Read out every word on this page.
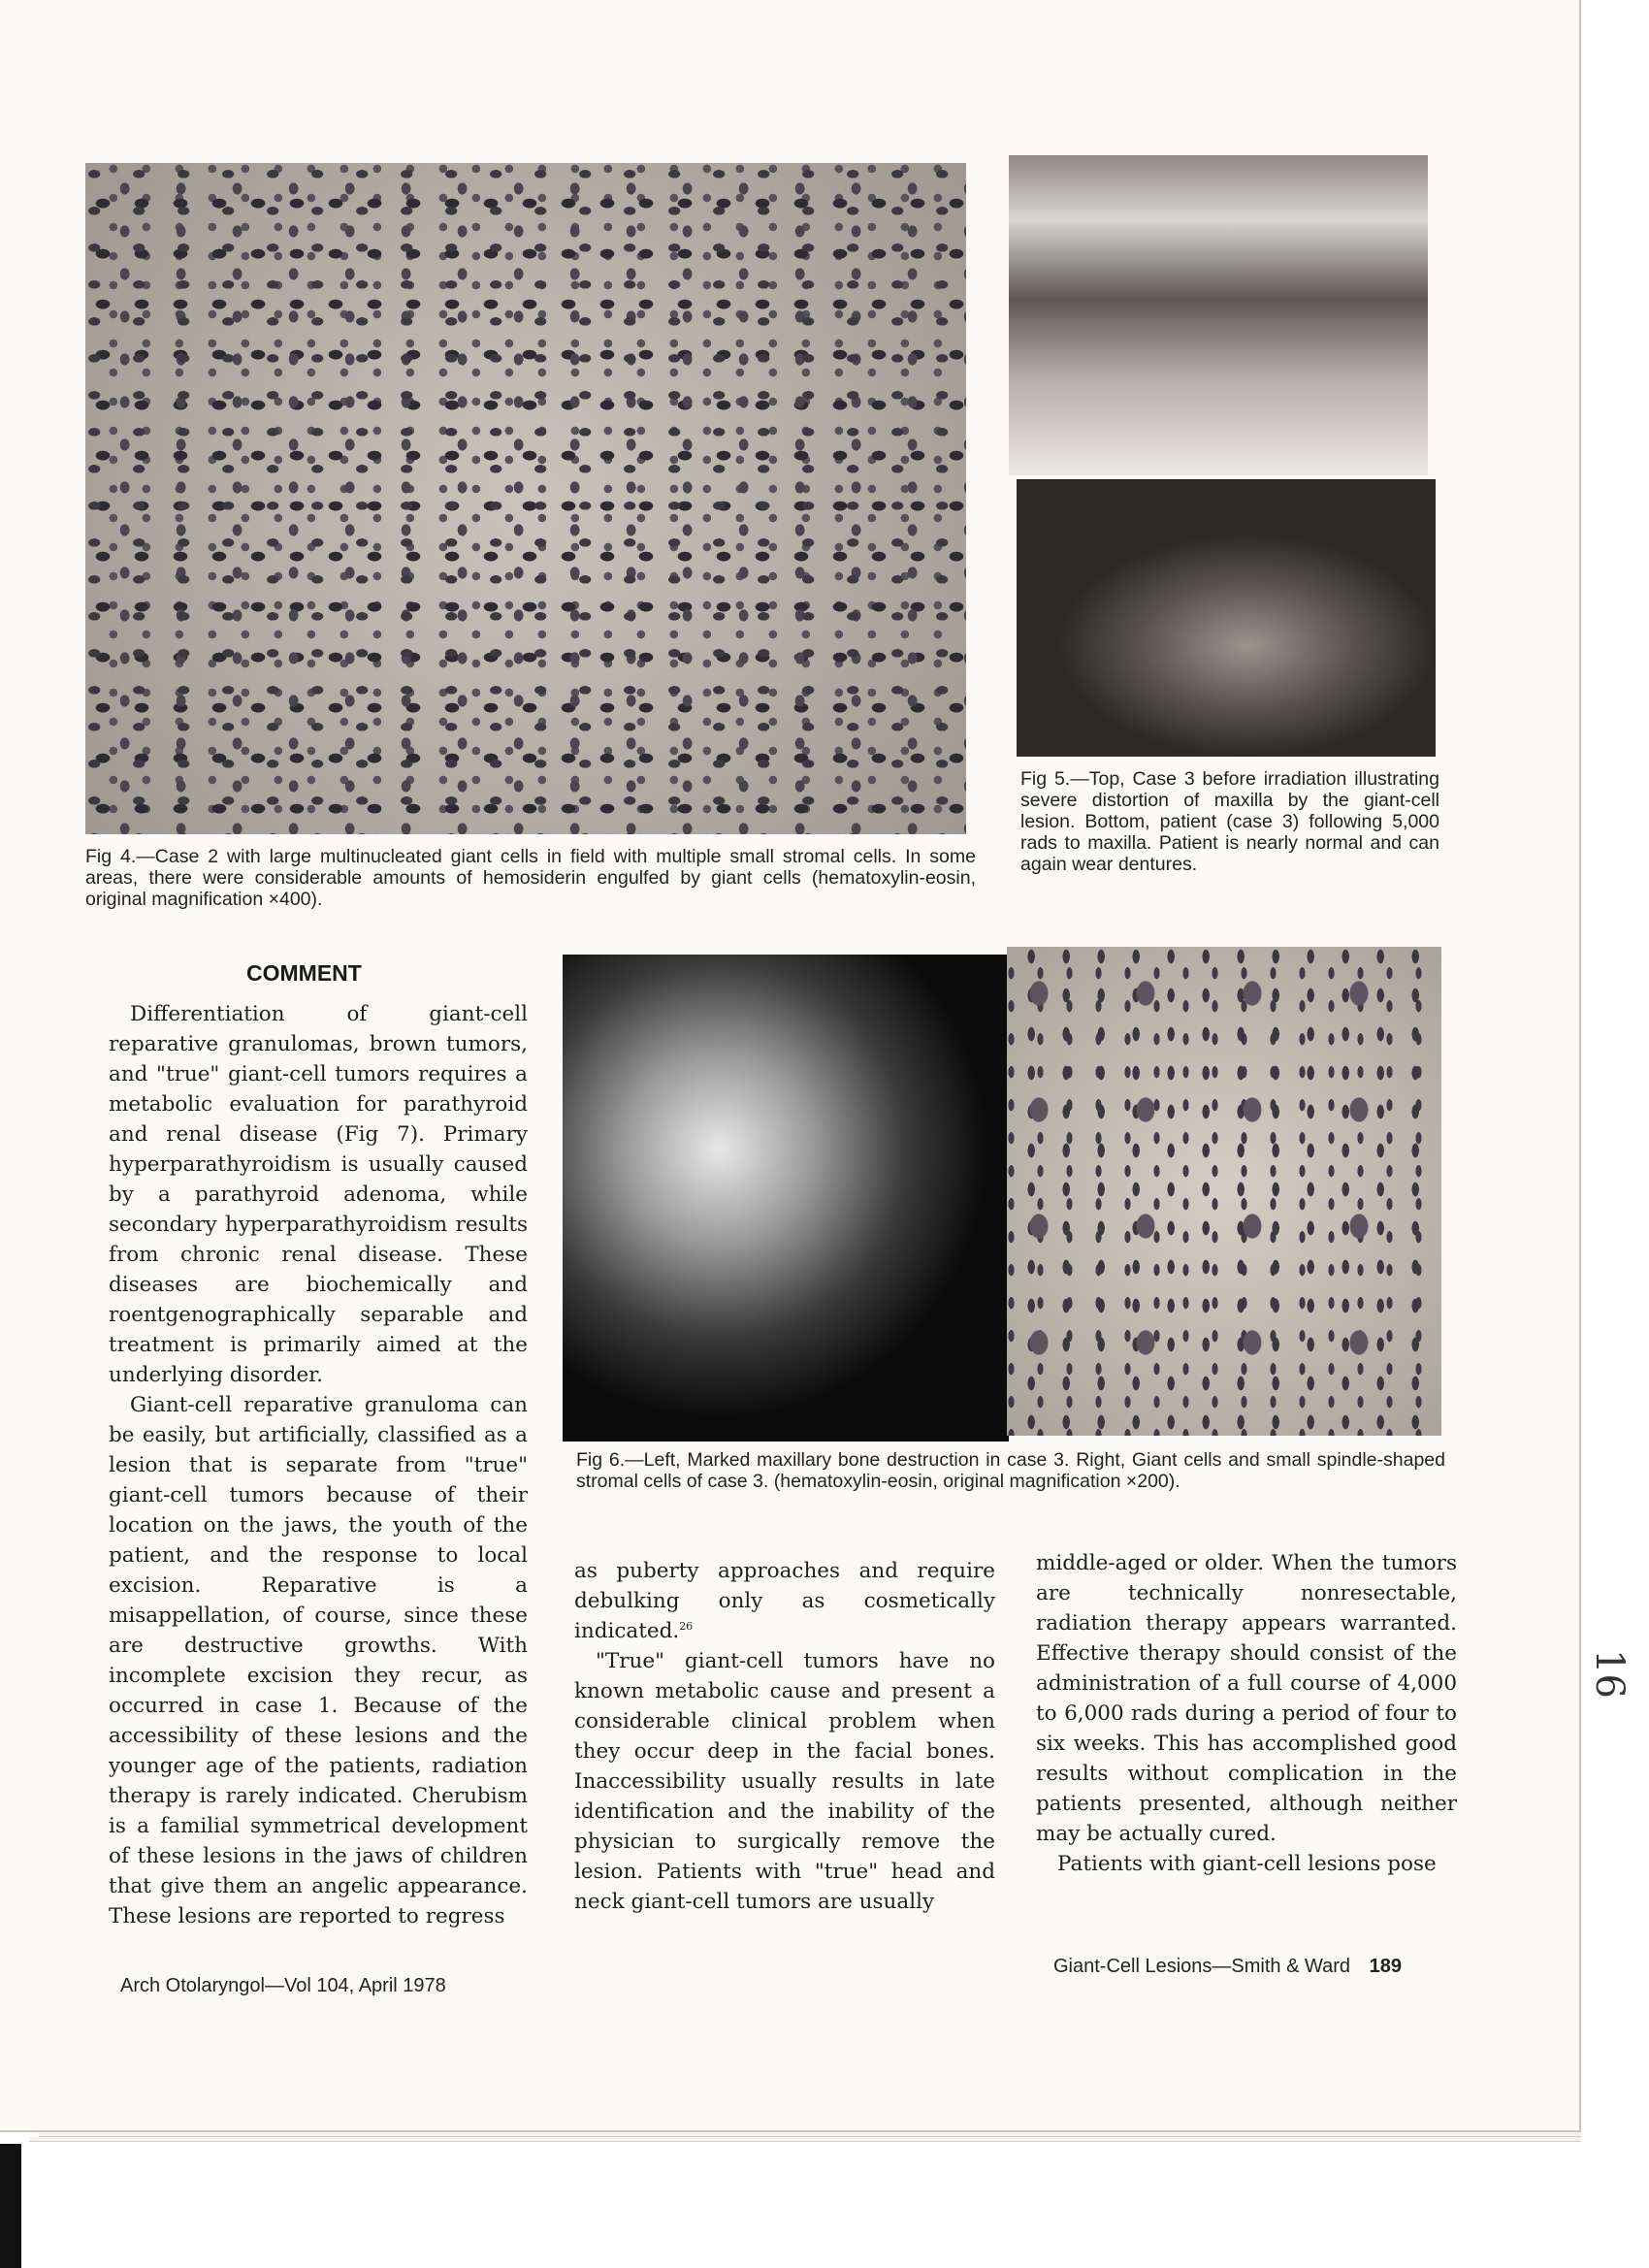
Fig 4.—Case 2 with large multinucleated giant cells in field with multiple small stromal cells. In some areas, there were considerable amounts of hemosiderin engulfed by giant cells (hematoxylin-eosin, original magnification ×400).

Fig 5.—Top, Case 3 before irradiation illustrating severe distortion of maxilla by the giant-cell lesion. Bottom, patient (case 3) following 5,000 rads to maxilla. Patient is nearly normal and can again wear dentures.

COMMENT

Fig 6.—Left, Marked maxillary bone destruction in case 3. Right, Giant cells and small spindle-shaped stromal cells of case 3. (hematoxylin-eosin, original magnification ×200).

Differentiation of giant-cell reparative granulomas, brown tumors, and "true" giant-cell tumors requires a metabolic evaluation for parathyroid and renal disease (Fig 7). Primary hyperparathyroidism is usually caused by a parathyroid adenoma, while secondary hyperparathyroidism results from chronic renal disease. These diseases are biochemically and roentgenographically separable and treatment is primarily aimed at the underlying disorder.

Giant-cell reparative granuloma can be easily, but artificially, classified as a lesion that is separate from "true" giant-cell tumors because of their location on the jaws, the youth of the patient, and the response to local excision. Reparative is a misappellation, of course, since these are destructive growths. With incomplete excision they recur, as occurred in case 1. Because of the accessibility of these lesions and the younger age of the patients, radiation therapy is rarely indicated. Cherubism is a familial symmetrical development of these lesions in the jaws of children that give them an angelic appearance. These lesions are reported to regress

as puberty approaches and require debulking only as cosmetically indicated.$^{26}$

"True" giant-cell tumors have no known metabolic cause and present a considerable clinical problem when they occur deep in the facial bones. Inaccessibility usually results in late identification and the inability of the physician to surgically remove the lesion. Patients with "true" head and neck giant-cell tumors are usually

middle-aged or older. When the tumors are technically nonresectable, radiation therapy appears warranted. Effective therapy should consist of the administration of a full course of 4,000 to 6,000 rads during a period of four to six weeks. This has accomplished good results without complication in the patients presented, although neither may be actually cured.

Patients with giant-cell lesions pose

Arch Otolaryngol—Vol 104, April 1978
Giant-Cell Lesions—Smith & Ward 189
16
